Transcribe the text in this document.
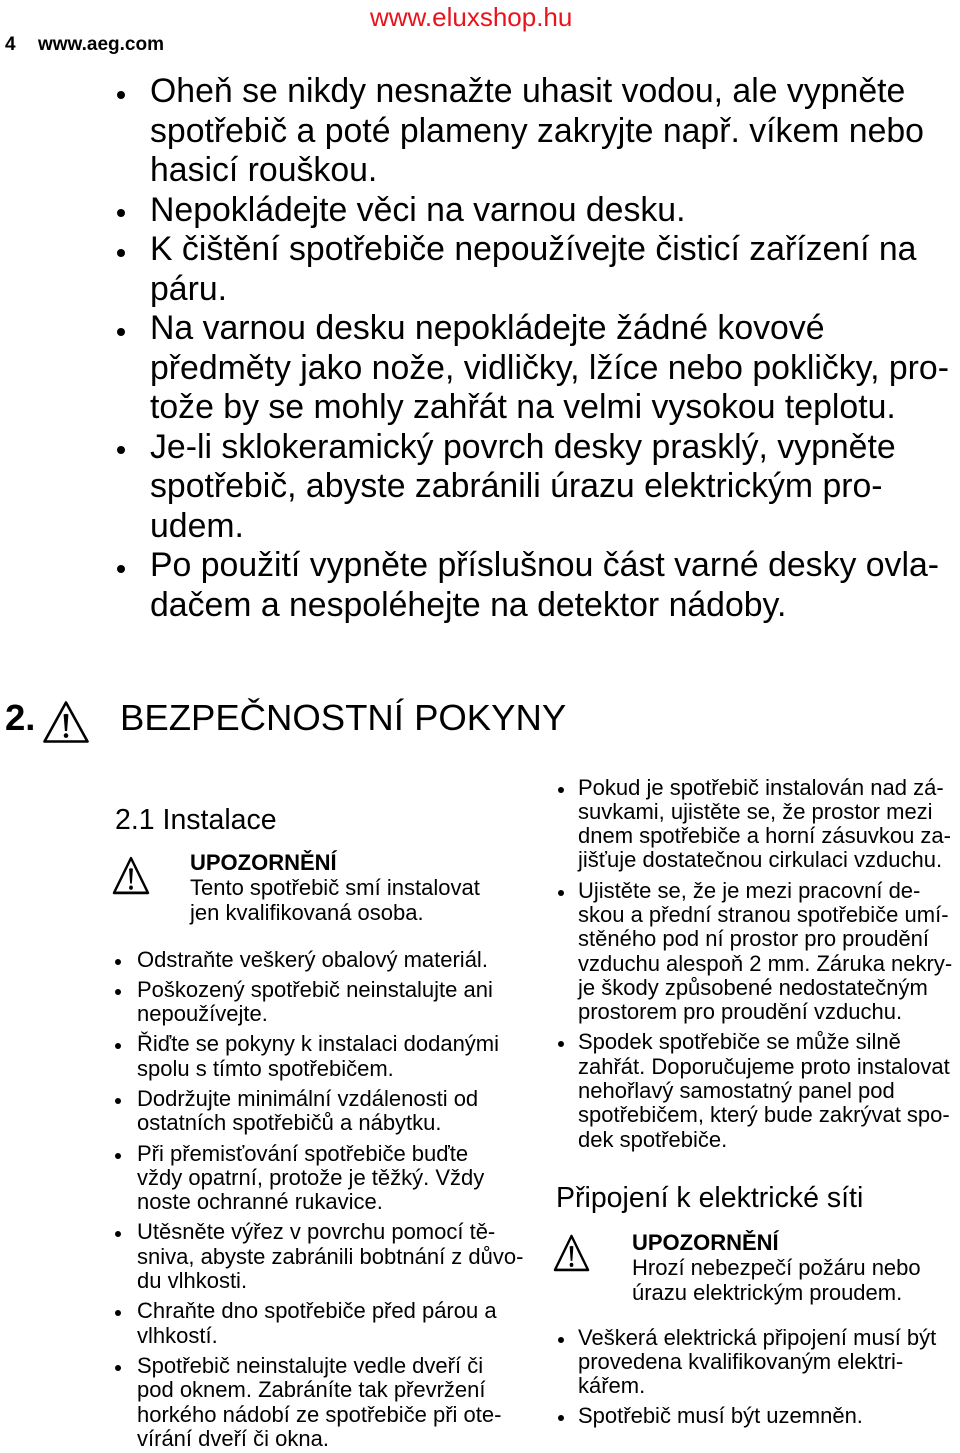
4 www.aeg.com
www.eluxshop.hu
Oheň se nikdy nesnažte uhasit vodou, ale vypněte
spotřebič a poté plameny zakryjte např. víkem nebo
hasicí rouškou.
Nepokládejte věci na varnou desku.
K čištění spotřebiče nepoužívejte čisticí zařízení na
páru.
Na varnou desku nepokládejte žádné kovové
předměty jako nože, vidličky, lžíce nebo pokličky, pro-
tože by se mohly zahřát na velmi vysokou teplotu.
Je-li sklokeramický povrch desky prasklý, vypněte
spotřebič, abyste zabránili úrazu elektrickým pro-
udem.
Po použití vypněte příslušnou část varné desky ovla-
dačem a nespoléhejte na detektor nádoby.
2. BEZPEČNOSTNÍ POKYNY
2.1 Instalace
UPOZORNĚNÍ
Tento spotřebič smí instalovat
jen kvalifikovaná osoba.
Odstraňte veškerý obalový materiál.
Poškozený spotřebič neinstalujte ani
nepoužívejte.
Řiďte se pokyny k instalaci dodanými
spolu s tímto spotřebičem.
Dodržujte minimální vzdálenosti od
ostatních spotřebičů a nábytku.
Při přemisťování spotřebiče buďte
vždy opatrní, protože je těžký. Vždy
noste ochranné rukavice.
Utěsněte výřez v povrchu pomocí tě-
sniva, abyste zabránili bobtnání z důvo-
du vlhkosti.
Chraňte dno spotřebiče před párou a
vlhkostí.
Spotřebič neinstalujte vedle dveří či
pod oknem. Zabráníte tak převržení
horkého nádobí ze spotřebiče při ote-
vírání dveří či okna.
Pokud je spotřebič instalován nad zá-
suvkami, ujistěte se, že prostor mezi
dnem spotřebiče a horní zásuvkou za-
jišťuje dostatečnou cirkulaci vzduchu.
Ujistěte se, že je mezi pracovní de-
skou a přední stranou spotřebiče umí-
stěného pod ní prostor pro proudění
vzduchu alespoň 2 mm. Záruka nekry-
je škody způsobené nedostatečným
prostorem pro proudění vzduchu.
Spodek spotřebiče se může silně
zahřát. Doporučujeme proto instalovat
nehořlavý samostatný panel pod
spotřebičem, který bude zakrývat spo-
dek spotřebiče.
Připojení k elektrické síti
UPOZORNĚNÍ
Hrozí nebezpečí požáru nebo
úrazu elektrickým proudem.
Veškerá elektrická připojení musí být
provedena kvalifikovaným elektri-
kářem.
Spotřebič musí být uzemněn.
